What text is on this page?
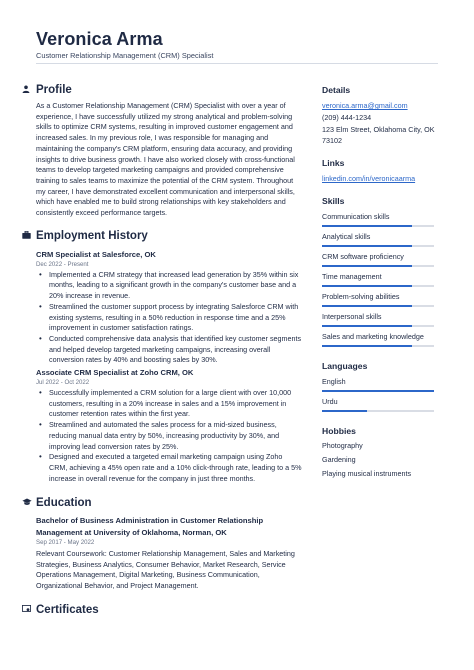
Veronica Arma
Customer Relationship Management (CRM) Specialist
Profile
As a Customer Relationship Management (CRM) Specialist with over a year of experience, I have successfully utilized my strong analytical and problem-solving skills to optimize CRM systems, resulting in improved customer engagement and increased sales. In my previous role, I was responsible for managing and maintaining the company's CRM platform, ensuring data accuracy, and providing insights to drive business growth. I have also worked closely with cross-functional teams to develop targeted marketing campaigns and provided comprehensive training to sales teams to maximize the potential of the CRM system. Throughout my career, I have demonstrated excellent communication and interpersonal skills, which have enabled me to build strong relationships with key stakeholders and consistently exceed performance targets.
Employment History
CRM Specialist at Salesforce, OK
Dec 2022 - Present
• Implemented a CRM strategy that increased lead generation by 35% within six months, leading to a significant growth in the company's customer base and a 20% increase in revenue.
• Streamlined the customer support process by integrating Salesforce CRM with existing systems, resulting in a 50% reduction in response time and a 25% improvement in customer satisfaction ratings.
• Conducted comprehensive data analysis that identified key customer segments and helped develop targeted marketing campaigns, increasing overall conversion rates by 40% and boosting sales by 30%.
Associate CRM Specialist at Zoho CRM, OK
Jul 2022 - Oct 2022
• Successfully implemented a CRM solution for a large client with over 10,000 customers, resulting in a 20% increase in sales and a 15% improvement in customer retention rates within the first year.
• Streamlined and automated the sales process for a mid-sized business, reducing manual data entry by 50%, increasing productivity by 30%, and improving lead conversion rates by 25%.
• Designed and executed a targeted email marketing campaign using Zoho CRM, achieving a 45% open rate and a 10% click-through rate, leading to a 5% increase in overall revenue for the company in just three months.
Education
Bachelor of Business Administration in Customer Relationship Management at University of Oklahoma, Norman, OK
Sep 2017 - May 2022
Relevant Coursework: Customer Relationship Management, Sales and Marketing Strategies, Business Analytics, Consumer Behavior, Market Research, Service Operations Management, Digital Marketing, Business Communication, Organizational Behavior, and Project Management.
Certificates
Details
veronica.arma@gmail.com
(209) 444-1234
123 Elm Street, Oklahoma City, OK 73102
Links
linkedin.com/in/veronicaarma
Skills
Communication skills
Analytical skills
CRM software proficiency
Time management
Problem-solving abilities
Interpersonal skills
Sales and marketing knowledge
Languages
English
Urdu
Hobbies
Photography
Gardening
Playing musical instruments
